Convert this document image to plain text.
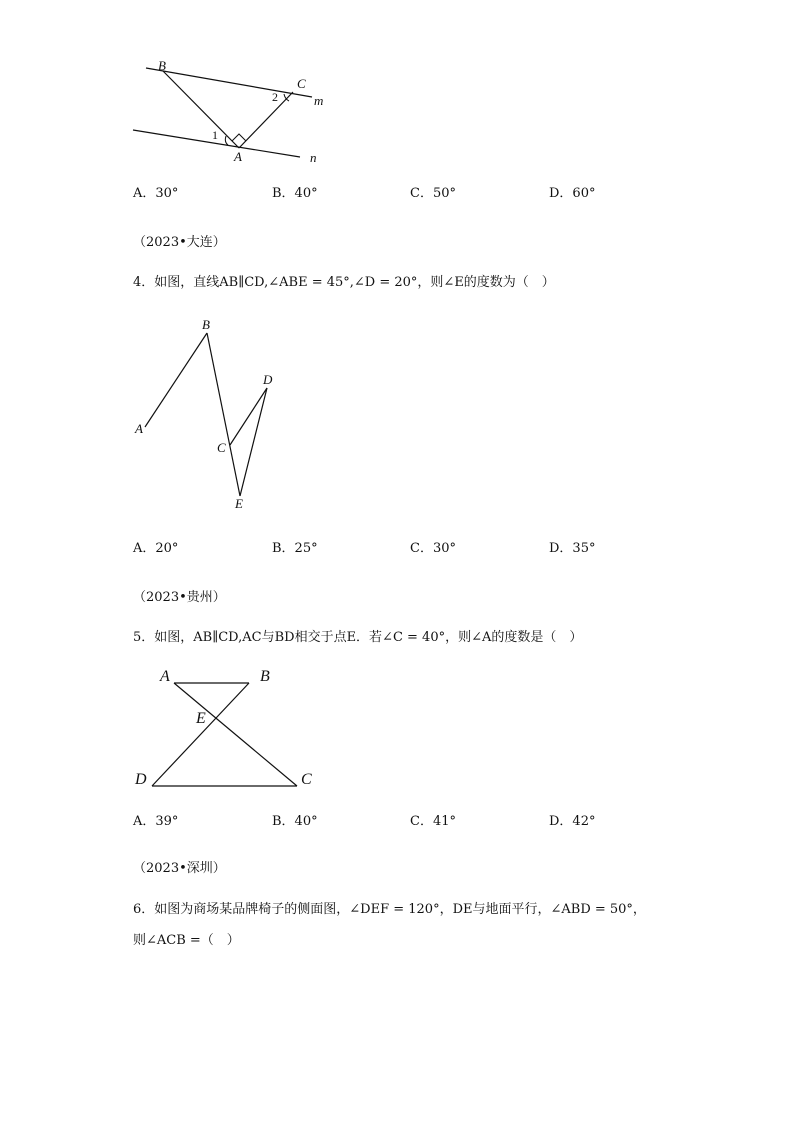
B
C
2	m
1
A	n
A．30°	B．40°	C．50°	D．60°
（2023•大连）
4．如图，直线AB∥CD,∠ABE = 45°,∠D = 20°，则∠E的度数为（　）
B
A
D
C
E
A．20°	B．25°	C．30°	D．35°
（2023•贵州）
5．如图，AB∥CD,AC与BD相交于点E．若∠C = 40°，则∠A的度数是（　）
A	B
E
D	C
A．39°	B．40°	C．41°	D．42°
（2023•深圳）
6．如图为商场某品牌椅子的侧面图，∠DEF = 120°，DE与地面平行，∠ABD = 50°，
则∠ACB =（　）
